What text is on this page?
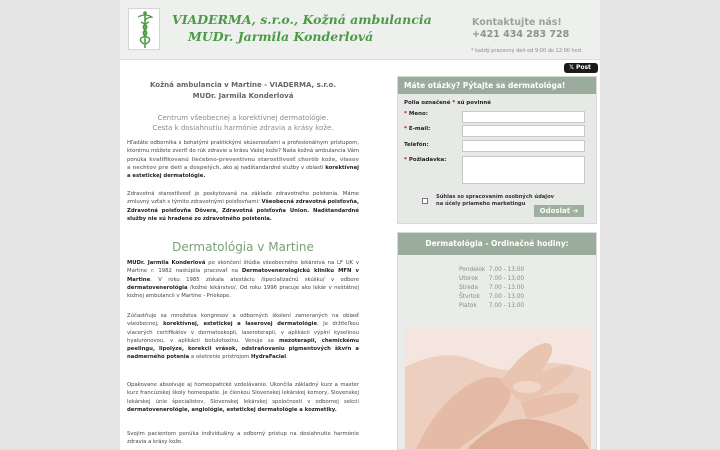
VIADERMA, s.r.o., Kožná ambulancia
MUDr. Jarmila Konderlová
Kontaktujte nás!
+421 434 283 728
* každý pracovný deň od 9:00 do 12:00 hod.
𝕏 Post
Kožná ambulancia v Martine - VIADERMA, s.r.o.
MUDr. Jarmila Konderlová
Centrum všeobecnej a korektívnej dermatológie.
Cesta k dosiahnutiu harmónie zdravia a krásy kože.
Hľadáte odborníka s bohatými praktickými skúsenosťami a profesionálnym prístupom, ktorému môžete zveriť do rúk zdravie a krásu Vašej kože? Naša kožná ambulancia Vám ponúka kvalifikovanú liečebno-preventívnu starostlivosť chorôb kože, vlasov a nechtov pre deti a dospelých, ako aj nadštandardné služby v oblasti korektívnej a estetickej dermatológie.
Zdravotná starostlivosť je poskytovaná na základe zdravotného poistenia. Máme zmluvný vzťah s týmito zdravotnými poisťovňami: Všeobecná zdravotná poisťovňa, Zdravotná poisťovňa Dôvera, Zdravotná poisťovňa Union. Nadštandardné služby nie sú hradené zo zdravotného poistenia.
Dermatológia v Martine
MUDr. Jarmila Konderlová po skončení štúdia všeobecného lekárstva na LF UK v Martine r. 1982 nastúpila pracovať na Dermatovenerologickú kliniku MFN v Martine. V roku 1985 získala atestáciu /špecializačnú skúšku/ v odbore dermatovenerológia /kožné lekárstvo/. Od roku 1996 pracuje ako lekár v neštátnej kožnej ambulancii v Martine - Priekope.
Zúčastňuje sa množstva kongresov a odborných školení zameraných na oblasť všeobecnej, korektívnej, estetickej a laserovej dermatológie. Je držiteľkou viacerých certifikátov v dermatoskopii, laseroterapii, v aplikácii výplní kyselinou hyalurónovou, v aplikácii botulotoxínu. Venuje sa mezoterapii, chemickému peelingu, lipolýze, korekcii vrások, odstraňovaniu pigmentových škvŕn a nadmerného potenia a ošetrenie prístrojom HydraFacial.
Opakovane absolvuje aj homeopatické vzdelávanie. Ukončila základný kurz a master kurz francúzskej školy homeopatie. Je členkou Slovenskej lekárskej komory, Slovenskej lekárskej únie špecialistov, Slovenskej lekárskej spoločnosti v odbornej sekcii dermatovenerológie, angiológie, estetickej dermatológie a kozmetiky.
Svojim pacientom ponúka individuálny a odborný prístup na dosiahnutie harmónie zdravia a krásy kože.
Máte otázky? Pýtajte sa dermatológa!
Polia označené * sú povinné
* Meno:
* E-mail:
Telefón:
* Požiadavka:
Súhlas so spracovaním osobných údajov na účely priameho marketingu
Odoslať ➔
Dermatológia - Ordinačné hodiny:
Pondelok 7.00 - 13.00
Utorok 7.00 - 13.00
Streda 7.00 - 13.00
Štvrtok 7.00 - 13.00
Piatok 7.00 - 13.00
